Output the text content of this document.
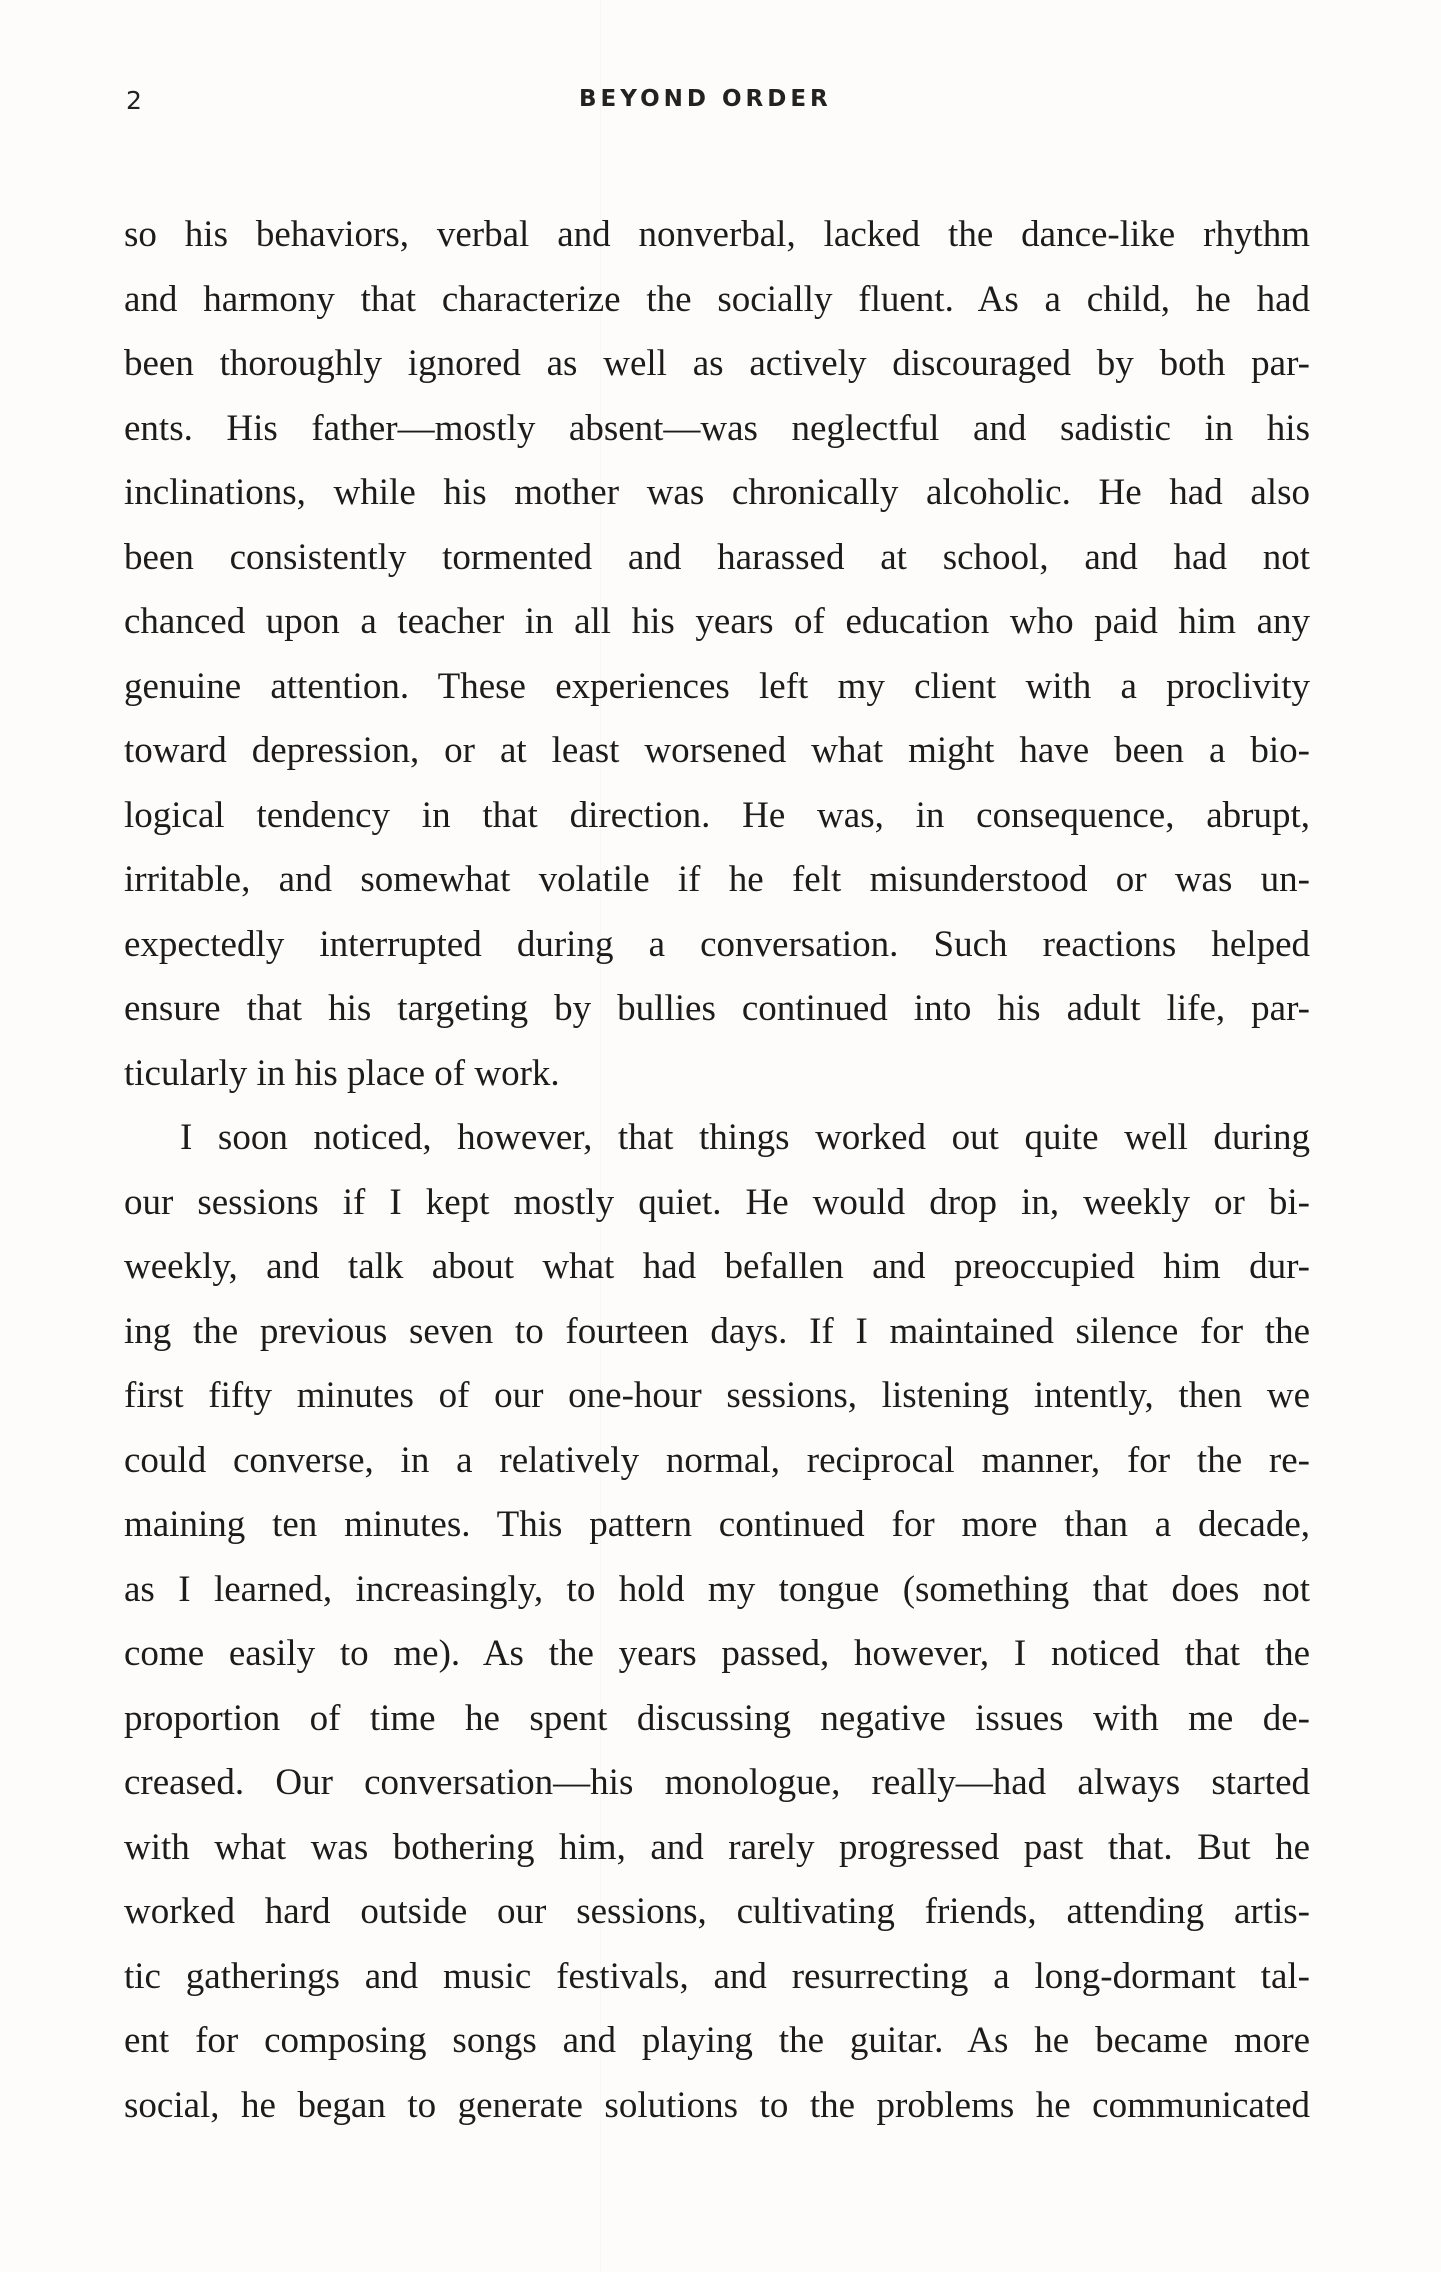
2	BEYOND ORDER
so his behaviors, verbal and nonverbal, lacked the dance-like rhythm
and harmony that characterize the socially fluent. As a child, he had
been thoroughly ignored as well as actively discouraged by both par-
ents. His father—mostly absent—was neglectful and sadistic in his
inclinations, while his mother was chronically alcoholic. He had also
been consistently tormented and harassed at school, and had not
chanced upon a teacher in all his years of education who paid him any
genuine attention. These experiences left my client with a proclivity
toward depression, or at least worsened what might have been a bio-
logical tendency in that direction. He was, in consequence, abrupt,
irritable, and somewhat volatile if he felt misunderstood or was un-
expectedly interrupted during a conversation. Such reactions helped
ensure that his targeting by bullies continued into his adult life, par-
ticularly in his place of work.
I soon noticed, however, that things worked out quite well during
our sessions if I kept mostly quiet. He would drop in, weekly or bi-
weekly, and talk about what had befallen and preoccupied him dur-
ing the previous seven to fourteen days. If I maintained silence for the
first fifty minutes of our one-hour sessions, listening intently, then we
could converse, in a relatively normal, reciprocal manner, for the re-
maining ten minutes. This pattern continued for more than a decade,
as I learned, increasingly, to hold my tongue (something that does not
come easily to me). As the years passed, however, I noticed that the
proportion of time he spent discussing negative issues with me de-
creased. Our conversation—his monologue, really—had always started
with what was bothering him, and rarely progressed past that. But he
worked hard outside our sessions, cultivating friends, attending artis-
tic gatherings and music festivals, and resurrecting a long-dormant tal-
ent for composing songs and playing the guitar. As he became more
social, he began to generate solutions to the problems he communicated
